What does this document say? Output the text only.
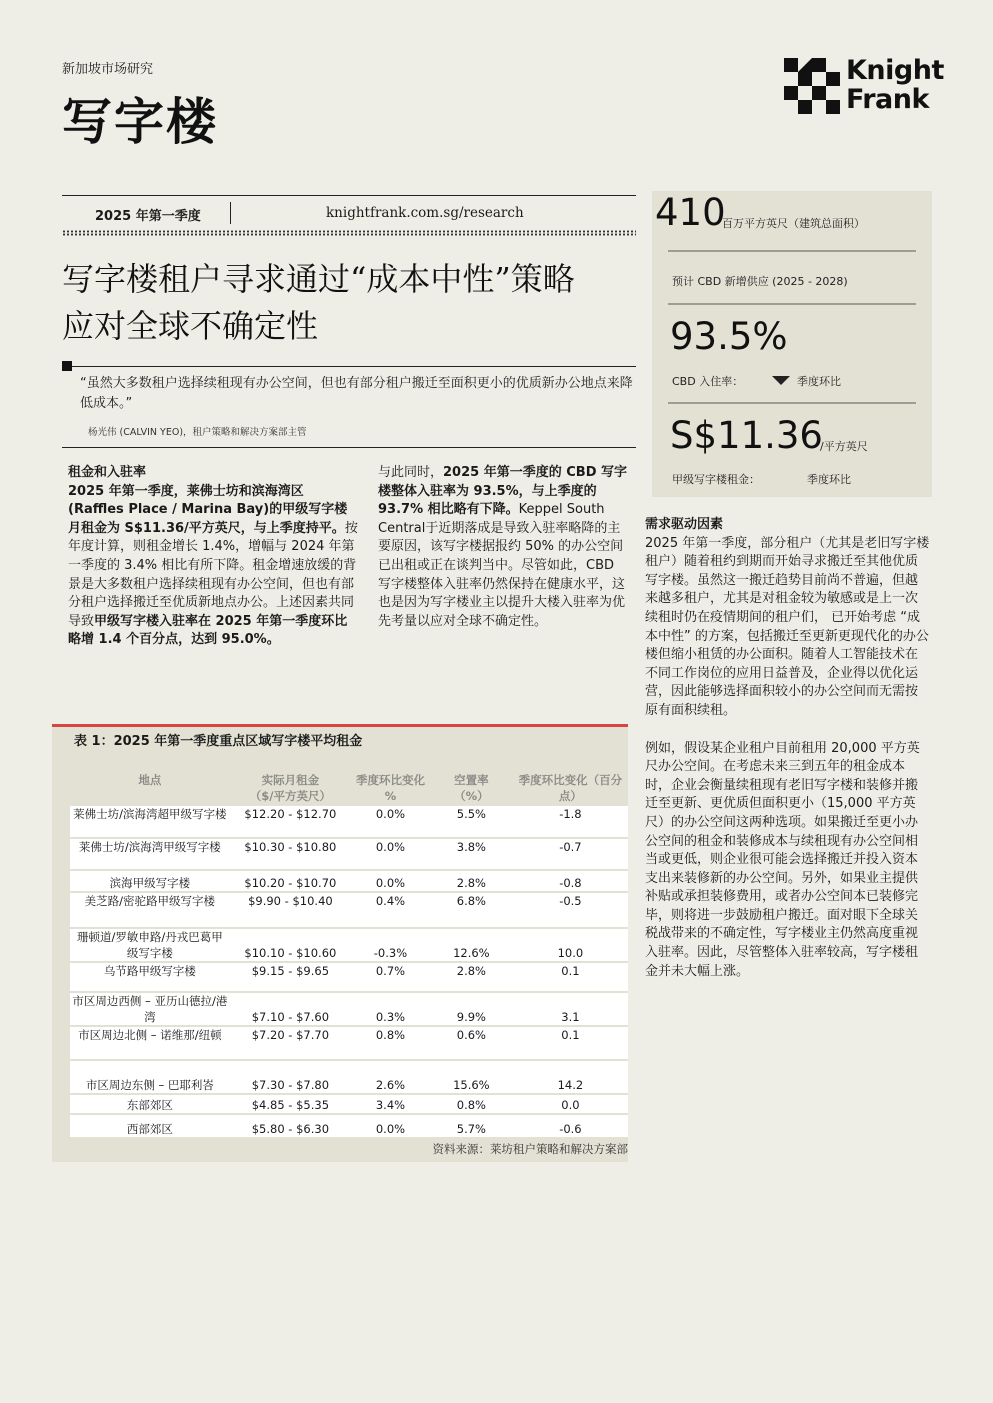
新加坡市场研究
写字楼
Knight
Frank
2025 年第一季度	knightfrank.com.sg/research
写字楼租户寻求通过“成本中性”策略
应对全球不确定性
“虽然大多数租户选择续租现有办公空间，但也有部分租户搬迁至面积更小的优质新办公地点来降低成本。”
杨光伟 (CALVIN YEO)，租户策略和解决方案部主管
410
百万平方英尺（建筑总面积）
预计 CBD 新增供应 (2025 - 2028)
93.5%
CBD 入住率：	季度环比
S$11.36
/平方英尺
甲级写字楼租金：	季度环比
租金和入驻率
2025 年第一季度，莱佛士坊和滨海湾区 (Raffles Place / Marina Bay)的甲级写字楼月租金为 S$11.36/平方英尺，与上季度持平。按年度计算，则租金增长 1.4%，增幅与 2024 年第一季度的 3.4% 相比有所下降。租金增速放缓的背景是大多数租户选择续租现有办公空间，但也有部分租户选择搬迁至优质新地点办公。上述因素共同导致甲级写字楼入驻率在 2025 年第一季度环比略增 1.4 个百分点，达到 95.0%。
与此同时，2025 年第一季度的 CBD 写字楼整体入驻率为 93.5%，与上季度的 93.7% 相比略有下降。Keppel South Central于近期落成是导致入驻率略降的主要原因，该写字楼据报约 50% 的办公空间已出租或正在谈判当中。尽管如此，CBD 写字楼整体入驻率仍然保持在健康水平，这也是因为写字楼业主以提升大楼入驻率为优先考量以应对全球不确定性。
需求驱动因素
2025 年第一季度，部分租户（尤其是老旧写字楼租户）随着租约到期而开始寻求搬迁至其他优质写字楼。虽然这一搬迁趋势目前尚不普遍，但越来越多租户，尤其是对租金较为敏感或是上一次续租时仍在疫情期间的租户们， 已开始考虑 “成本中性” 的方案，包括搬迁至更新更现代化的办公楼但缩小租赁的办公面积。随着人工智能技术在不同工作岗位的应用日益普及，企业得以优化运营，因此能够选择面积较小的办公空间而无需按原有面积续租。
例如，假设某企业租户目前租用 20,000 平方英尺办公空间。在考虑未来三到五年的租金成本时，企业会衡量续租现有老旧写字楼和装修并搬迁至更新、更优质但面积更小（15,000 平方英尺）的办公空间这两种选项。如果搬迁至更小办公空间的租金和装修成本与续租现有办公空间相当或更低，则企业很可能会选择搬迁并投入资本支出来装修新的办公空间。另外，如果业主提供补贴或承担装修费用，或者办公空间本已装修完毕，则将进一步鼓励租户搬迁。面对眼下全球关税战带来的不确定性，写字楼业主仍然高度重视入驻率。因此，尽管整体入驻率较高，写字楼租金并未大幅上涨。
表 1：2025 年第一季度重点区域写字楼平均租金
地点	实际月租金
（$/平方英尺）	季度环比变化 %	空置率
（%）	季度环比变化（百分点）
莱佛士坊/滨海湾超甲级写字楼	$12.20 - $12.70	0.0%	5.5%	-1.8
莱佛士坊/滨海湾甲级写字楼	$10.30 - $10.80	0.0%	3.8%	-0.7
滨海甲级写字楼	$10.20 - $10.70	0.0%	2.8%	-0.8
美芝路/密驼路甲级写字楼	$9.90 - $10.40	0.4%	6.8%	-0.5
珊顿道/罗敏申路/丹戎巴葛甲级写字楼	$10.10 - $10.60	-0.3%	12.6%	10.0
乌节路甲级写字楼	$9.15 - $9.65	0.7%	2.8%	0.1
市区周边西侧 – 亚历山德拉/港湾	$7.10 - $7.60	0.3%	9.9%	3.1
市区周边北侧 – 诺维那/纽顿	$7.20 - $7.70	0.8%	0.6%	0.1
市区周边东侧 – 巴耶利峇	$7.30 - $7.80	2.6%	15.6%	14.2
东部郊区	$4.85 - $5.35	3.4%	0.8%	0.0
西部郊区	$5.80 - $6.30	0.0%	5.7%	-0.6
资料来源：莱坊租户策略和解决方案部
